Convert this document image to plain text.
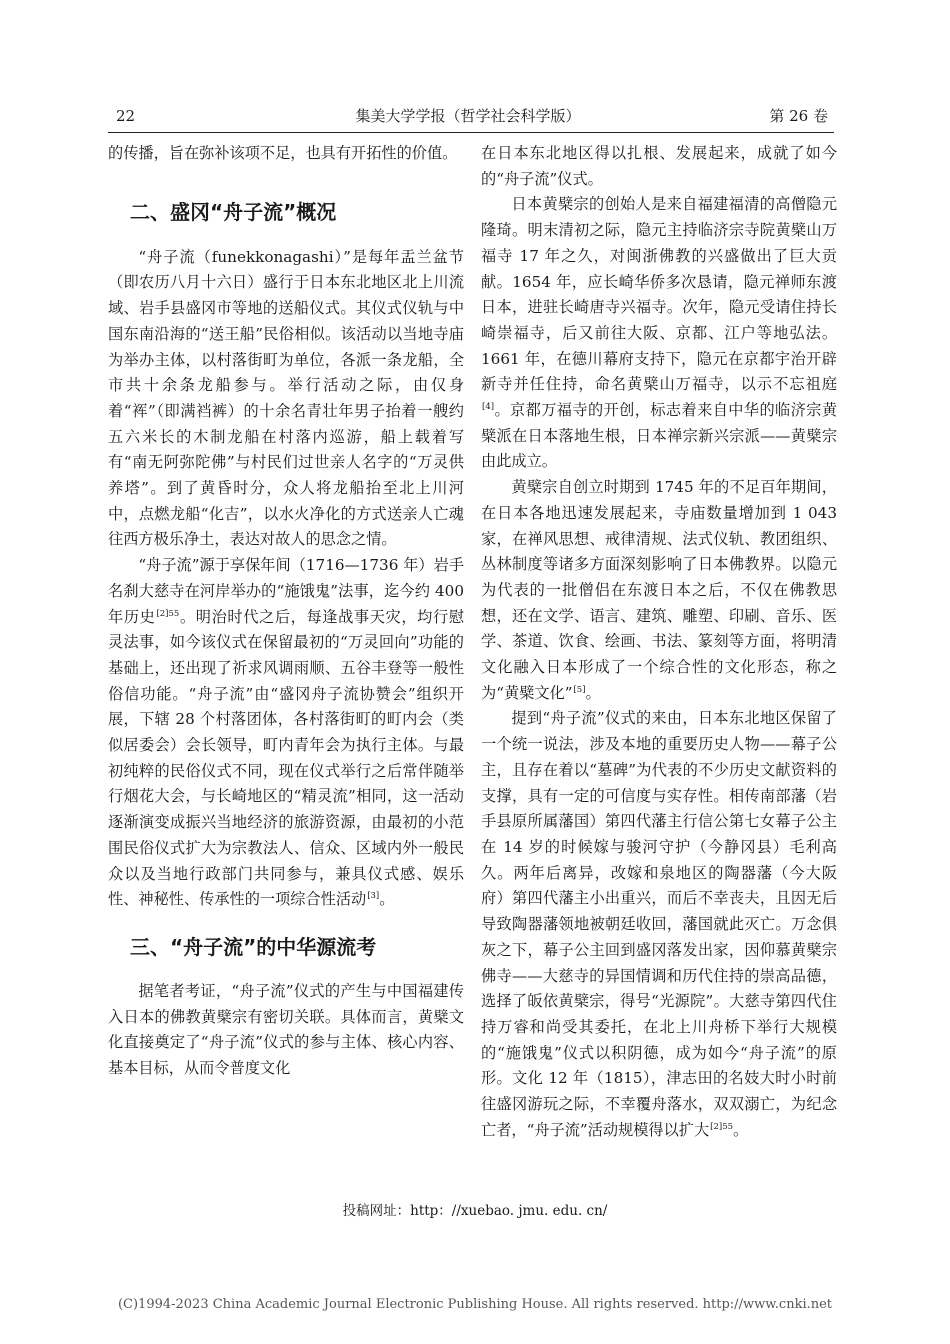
22	集美大学学报（哲学社会科学版）	第 26 卷

的传播，旨在弥补该项不足，也具有开拓性的价值。

二、盛冈“舟子流”概况

“舟子流（funekkonagashi）”是每年盂兰盆节（即农历八月十六日）盛行于日本东北地区北上川流域、岩手县盛冈市等地的送船仪式。其仪式仪轨与中国东南沿海的“送王船”民俗相似。该活动以当地寺庙为举办主体，以村落街町为单位，各派一条龙船，全市共十余条龙船参与。举行活动之际，由仅身着“裈”（即满裆裤）的十余名青壮年男子抬着一艘约五六米长的木制龙船在村落内巡游，船上载着写有“南无阿弥陀佛”与村民们过世亲人名字的“万灵供养塔”。到了黄昏时分，众人将龙船抬至北上川河中，点燃龙船“化吉”，以水火净化的方式送亲人亡魂往西方极乐净土，表达对故人的思念之情。

“舟子流”源于享保年间（1716—1736 年）岩手名刹大慈寺在河岸举办的“施饿鬼”法事，迄今约 400 年历史$^{[2]55}$。明治时代之后，每逢战事天灾，均行慰灵法事，如今该仪式在保留最初的“万灵回向”功能的基础上，还出现了祈求风调雨顺、五谷丰登等一般性俗信功能。“舟子流”由“盛冈舟子流协赞会”组织开展，下辖 28 个村落团体，各村落街町的町内会（类似居委会）会长领导，町内青年会为执行主体。与最初纯粹的民俗仪式不同，现在仪式举行之后常伴随举行烟花大会，与长崎地区的“精灵流”相同，这一活动逐渐演变成振兴当地经济的旅游资源，由最初的小范围民俗仪式扩大为宗教法人、信众、区域内外一般民众以及当地行政部门共同参与，兼具仪式感、娱乐性、神秘性、传承性的一项综合性活动[3]。

三、“舟子流”的中华源流考

据笔者考证，“舟子流”仪式的产生与中国福建传入日本的佛教黄檗宗有密切关联。具体而言，黄檗文化直接奠定了“舟子流”仪式的参与主体、核心内容、基本目标，从而令普度文化

在日本东北地区得以扎根、发展起来，成就了如今的“舟子流”仪式。

日本黄檗宗的创始人是来自福建福清的高僧隐元隆琦。明末清初之际，隐元主持临济宗寺院黄檗山万福寺 17 年之久，对闽浙佛教的兴盛做出了巨大贡献。1654 年，应长崎华侨多次恳请，隐元禅师东渡日本，进驻长崎唐寺兴福寺。次年，隐元受请住持长崎崇福寺，后又前往大阪、京都、江户等地弘法。1661 年，在德川幕府支持下，隐元在京都宇治开辟新寺并任住持，命名黄檗山万福寺，以示不忘祖庭[4]。京都万福寺的开创，标志着来自中华的临济宗黄檗派在日本落地生根，日本禅宗新兴宗派——黄檗宗由此成立。

黄檗宗自创立时期到 1745 年的不足百年期间，在日本各地迅速发展起来，寺庙数量增加到 1 043 家，在禅风思想、戒律清规、法式仪轨、教团组织、丛林制度等诸多方面深刻影响了日本佛教界。以隐元为代表的一批僧侣在东渡日本之后，不仅在佛教思想，还在文学、语言、建筑、雕塑、印刷、音乐、医学、茶道、饮食、绘画、书法、篆刻等方面，将明清文化融入日本形成了一个综合性的文化形态，称之为“黄檗文化”[5]。

提到“舟子流”仪式的来由，日本东北地区保留了一个统一说法，涉及本地的重要历史人物——幕子公主，且存在着以“墓碑”为代表的不少历史文献资料的支撑，具有一定的可信度与实存性。相传南部藩（岩手县原所属藩国）第四代藩主行信公第七女幕子公主在 14 岁的时候嫁与骏河守护（今静冈县）毛利高久。两年后离异，改嫁和泉地区的陶器藩（今大阪府）第四代藩主小出重兴，而后不幸丧夫，且因无后导致陶器藩领地被朝廷收回，藩国就此灭亡。万念俱灰之下，幕子公主回到盛冈落发出家，因仰慕黄檗宗佛寺——大慈寺的异国情调和历代住持的崇高品德，选择了皈依黄檗宗，得号“光源院”。大慈寺第四代住持万睿和尚受其委托，在北上川舟桥下举行大规模的“施饿鬼”仪式以积阴德，成为如今“舟子流”的原形。文化 12 年（1815），津志田的名妓大时小时前往盛冈游玩之际，不幸覆舟落水，双双溺亡，为纪念亡者，“舟子流”活动规模得以扩大$^{[2]55}$。

投稿网址：http：//xuebao. jmu. edu. cn/
(C)1994-2023 China Academic Journal Electronic Publishing House. All rights reserved. http://www.cnki.net
